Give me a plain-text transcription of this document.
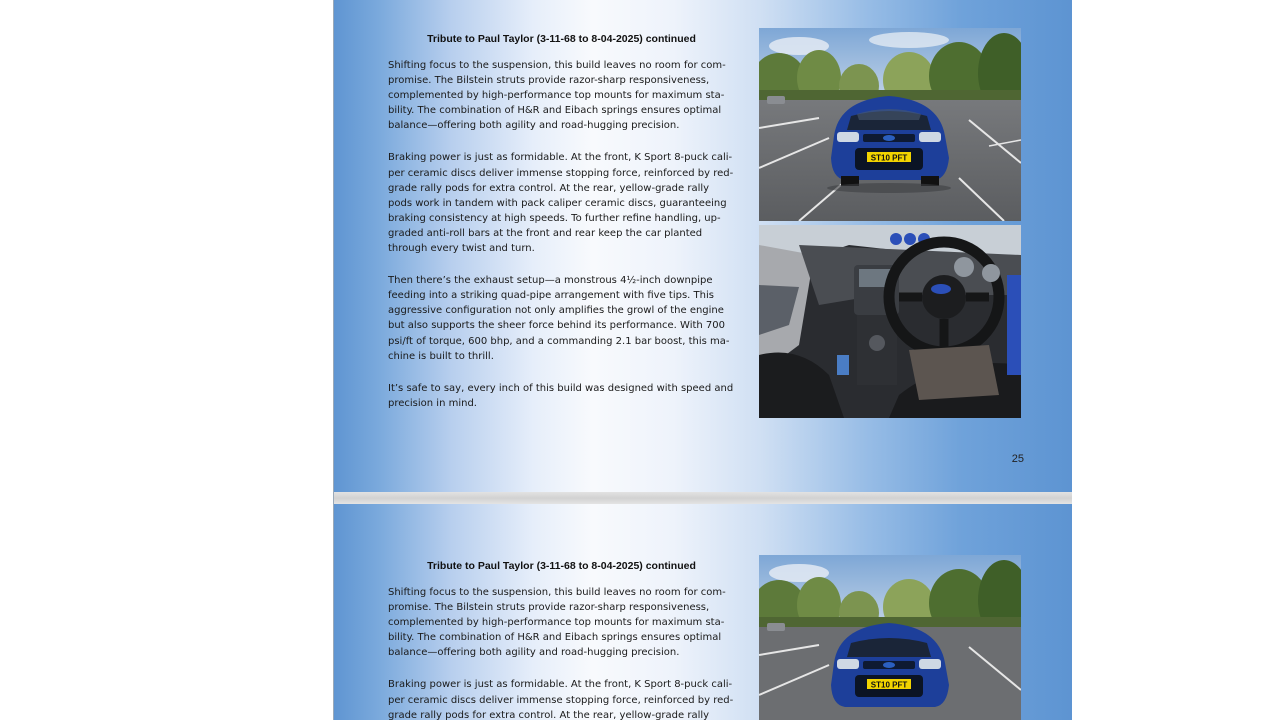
Tribute to Paul Taylor (3-11-68 to 8-04-2025) continued

Shifting focus to the suspension, this build leaves no room for com-
promise. The Bilstein struts provide razor-sharp responsiveness,
complemented by high-performance top mounts for maximum sta-
bility. The combination of H&R and Eibach springs ensures optimal
balance—offering both agility and road-hugging precision.

Braking power is just as formidable. At the front, K Sport 8-puck cali-
per ceramic discs deliver immense stopping force, reinforced by red-
grade rally pods for extra control. At the rear, yellow-grade rally
pods work in tandem with pack caliper ceramic discs, guaranteeing
braking consistency at high speeds. To further refine handling, up-
graded anti-roll bars at the front and rear keep the car planted
through every twist and turn.

Then there’s the exhaust setup—a monstrous 4½-inch downpipe
feeding into a striking quad-pipe arrangement with five tips. This
aggressive configuration not only amplifies the growl of the engine
but also supports the sheer force behind its performance. With 700
psi/ft of torque, 600 bhp, and a commanding 2.1 bar boost, this ma-
chine is built to thrill.

It’s safe to say, every inch of this build was designed with speed and
precision in mind.

ST10 PFT
25
Tribute to Paul Taylor (3-11-68 to 8-04-2025) continued

Shifting focus to the suspension, this build leaves no room for com-
promise. The Bilstein struts provide razor-sharp responsiveness,
complemented by high-performance top mounts for maximum sta-
bility. The combination of H&R and Eibach springs ensures optimal
balance—offering both agility and road-hugging precision.

Braking power is just as formidable. At the front, K Sport 8-puck cali-
per ceramic discs deliver immense stopping force, reinforced by red-
grade rally pods for extra control. At the rear, yellow-grade rally

ST10 PFT
